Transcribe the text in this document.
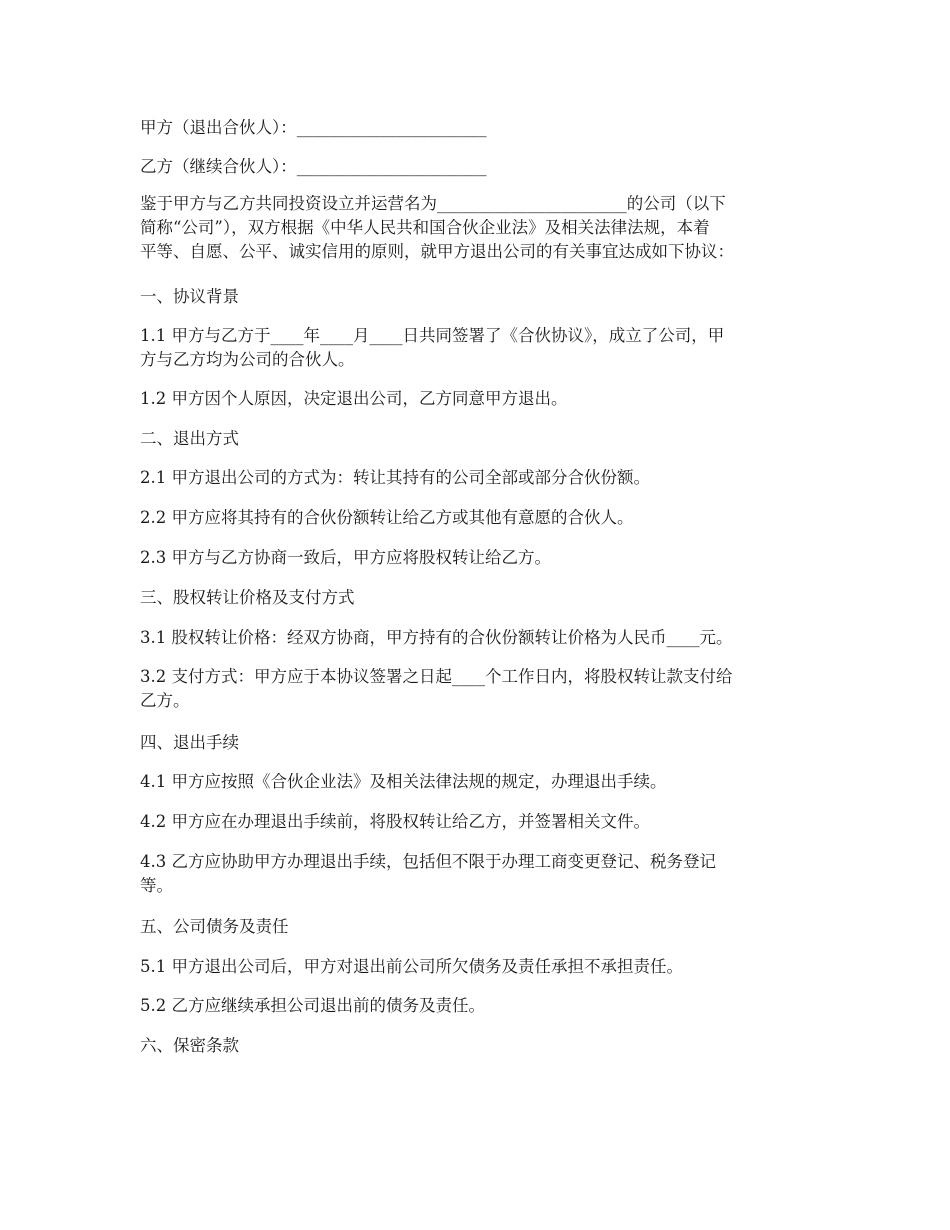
甲方（退出合伙人）：_______________________

乙方（继续合伙人）：_______________________

鉴于甲方与乙方共同投资设立并运营名为_______________________的公司（以下

简称“公司”），双方根据《中华人民共和国合伙企业法》及相关法律法规，本着

平等、自愿、公平、诚实信用的原则，就甲方退出公司的有关事宜达成如下协议：

一、协议背景

1.1 甲方与乙方于____年____月____日共同签署了《合伙协议》，成立了公司，甲

方与乙方均为公司的合伙人。

1.2 甲方因个人原因，决定退出公司，乙方同意甲方退出。

二、退出方式

2.1 甲方退出公司的方式为：转让其持有的公司全部或部分合伙份额。

2.2 甲方应将其持有的合伙份额转让给乙方或其他有意愿的合伙人。

2.3 甲方与乙方协商一致后，甲方应将股权转让给乙方。

三、股权转让价格及支付方式

3.1 股权转让价格：经双方协商，甲方持有的合伙份额转让价格为人民币____元。

3.2 支付方式：甲方应于本协议签署之日起____个工作日内，将股权转让款支付给

乙方。

四、退出手续

4.1 甲方应按照《合伙企业法》及相关法律法规的规定，办理退出手续。

4.2 甲方应在办理退出手续前，将股权转让给乙方，并签署相关文件。

4.3 乙方应协助甲方办理退出手续，包括但不限于办理工商变更登记、税务登记

等。

五、公司债务及责任

5.1 甲方退出公司后，甲方对退出前公司所欠债务及责任承担不承担责任。

5.2 乙方应继续承担公司退出前的债务及责任。

六、保密条款
